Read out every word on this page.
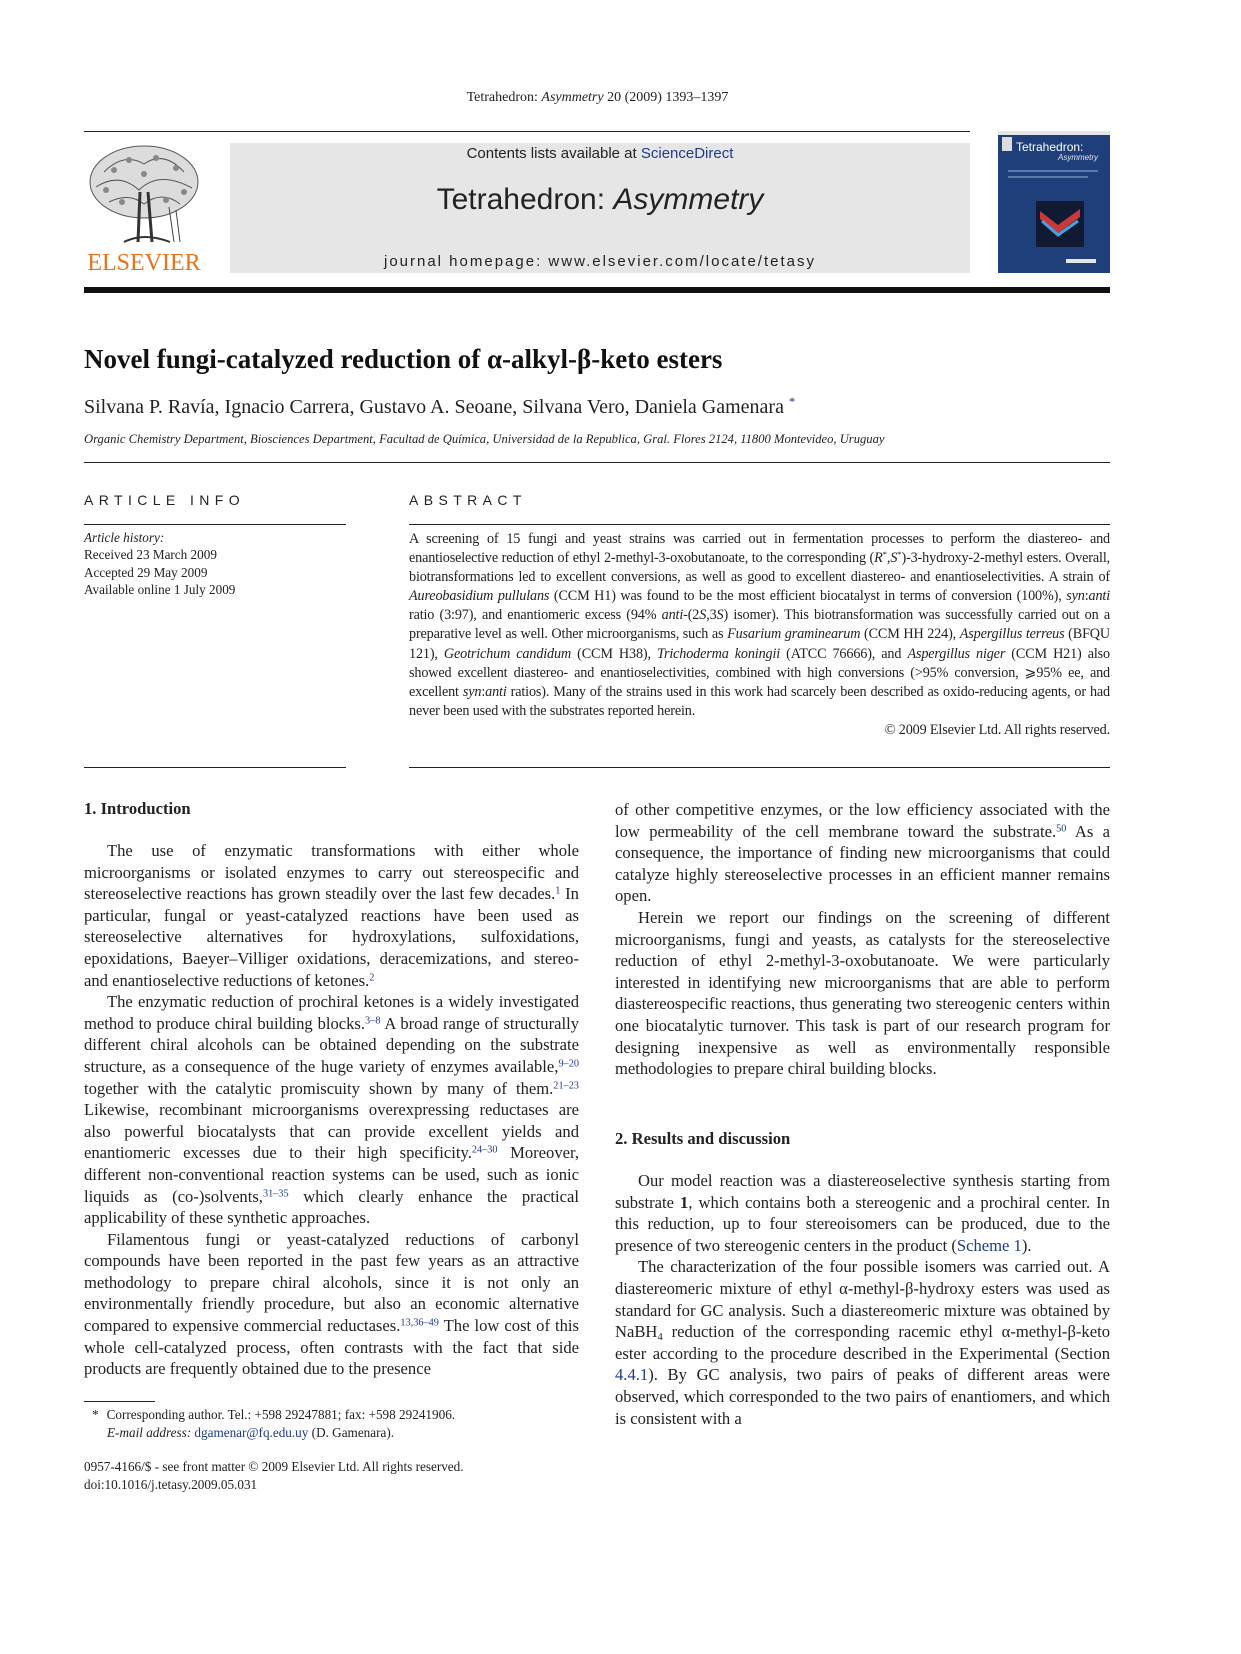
Tetrahedron: Asymmetry 20 (2009) 1393–1397
ELSEVIER
Contents lists available at ScienceDirect
Tetrahedron: Asymmetry
journal homepage: www.elsevier.com/locate/tetasy
Tetrahedron:
Asymmetry
Novel fungi-catalyzed reduction of α-alkyl-β-keto esters
Silvana P. Ravía, Ignacio Carrera, Gustavo A. Seoane, Silvana Vero, Daniela Gamenara *
Organic Chemistry Department, Biosciences Department, Facultad de Química, Universidad de la Republica, Gral. Flores 2124, 11800 Montevideo, Uruguay
ARTICLE INFO
Article history:
Received 23 March 2009
Accepted 29 May 2009
Available online 1 July 2009
ABSTRACT
A screening of 15 fungi and yeast strains was carried out in fermentation processes to perform the diastereo- and enantioselective reduction of ethyl 2-methyl-3-oxobutanoate, to the corresponding (R*,S*)-3-hydroxy-2-methyl esters. Overall, biotransformations led to excellent conversions, as well as good to excellent diastereo- and enantioselectivities. A strain of Aureobasidium pullulans (CCM H1) was found to be the most efficient biocatalyst in terms of conversion (100%), syn:anti ratio (3:97), and enantiomeric excess (94% anti-(2S,3S) isomer). This biotransformation was successfully carried out on a preparative level as well. Other microorganisms, such as Fusarium graminearum (CCM HH 224), Aspergillus terreus (BFQU 121), Geotrichum candidum (CCM H38), Trichoderma koningii (ATCC 76666), and Aspergillus niger (CCM H21) also showed excellent diastereo- and enantioselectivities, combined with high conversions (>95% conversion, ⩾95% ee, and excellent syn:anti ratios). Many of the strains used in this work had scarcely been described as oxido-reducing agents, or had never been used with the substrates reported herein.
© 2009 Elsevier Ltd. All rights reserved.
1. Introduction

The use of enzymatic transformations with either whole microorganisms or isolated enzymes to carry out stereospecific and stereoselective reactions has grown steadily over the last few decades.$^1$ In particular, fungal or yeast-catalyzed reactions have been used as stereoselective alternatives for hydroxylations, sulfoxidations, epoxidations, Baeyer–Villiger oxidations, deracemizations, and stereo- and enantioselective reductions of ketones.$^2$

The enzymatic reduction of prochiral ketones is a widely investigated method to produce chiral building blocks.$^{3-8}$ A broad range of structurally different chiral alcohols can be obtained depending on the substrate structure, as a consequence of the huge variety of enzymes available,$^{9-20}$ together with the catalytic promiscuity shown by many of them.$^{21-23}$ Likewise, recombinant microorganisms overexpressing reductases are also powerful biocatalysts that can provide excellent yields and enantiomeric excesses due to their high specificity.$^{24-30}$ Moreover, different non-conventional reaction systems can be used, such as ionic liquids as (co-)solvents,$^{31-35}$ which clearly enhance the practical applicability of these synthetic approaches.

Filamentous fungi or yeast-catalyzed reductions of carbonyl compounds have been reported in the past few years as an attractive methodology to prepare chiral alcohols, since it is not only an environmentally friendly procedure, but also an economic alternative compared to expensive commercial reductases.$^{13,36-49}$ The low cost of this whole cell-catalyzed process, often contrasts with the fact that side products are frequently obtained due to the presence

* Corresponding author. Tel.: +598 29247881; fax: +598 29241906.
E-mail address: dgamenar@fq.edu.uy (D. Gamenara).
0957-4166/$ - see front matter © 2009 Elsevier Ltd. All rights reserved.
doi:10.1016/j.tetasy.2009.05.031

of other competitive enzymes, or the low efficiency associated with the low permeability of the cell membrane toward the substrate.$^{50}$ As a consequence, the importance of finding new microorganisms that could catalyze highly stereoselective processes in an efficient manner remains open.

Herein we report our findings on the screening of different microorganisms, fungi and yeasts, as catalysts for the stereoselective reduction of ethyl 2-methyl-3-oxobutanoate. We were particularly interested in identifying new microorganisms that are able to perform diastereospecific reactions, thus generating two stereogenic centers within one biocatalytic turnover. This task is part of our research program for designing inexpensive as well as environmentally responsible methodologies to prepare chiral building blocks.

2. Results and discussion

Our model reaction was a diastereoselective synthesis starting from substrate 1, which contains both a stereogenic and a prochiral center. In this reduction, up to four stereoisomers can be produced, due to the presence of two stereogenic centers in the product (Scheme 1).

The characterization of the four possible isomers was carried out. A diastereomeric mixture of ethyl α-methyl-β-hydroxy esters was used as standard for GC analysis. Such a diastereomeric mixture was obtained by NaBH$_4$ reduction of the corresponding racemic ethyl α-methyl-β-keto ester according to the procedure described in the Experimental (Section 4.4.1). By GC analysis, two pairs of peaks of different areas were observed, which corresponded to the two pairs of enantiomers, and which is consistent with a
